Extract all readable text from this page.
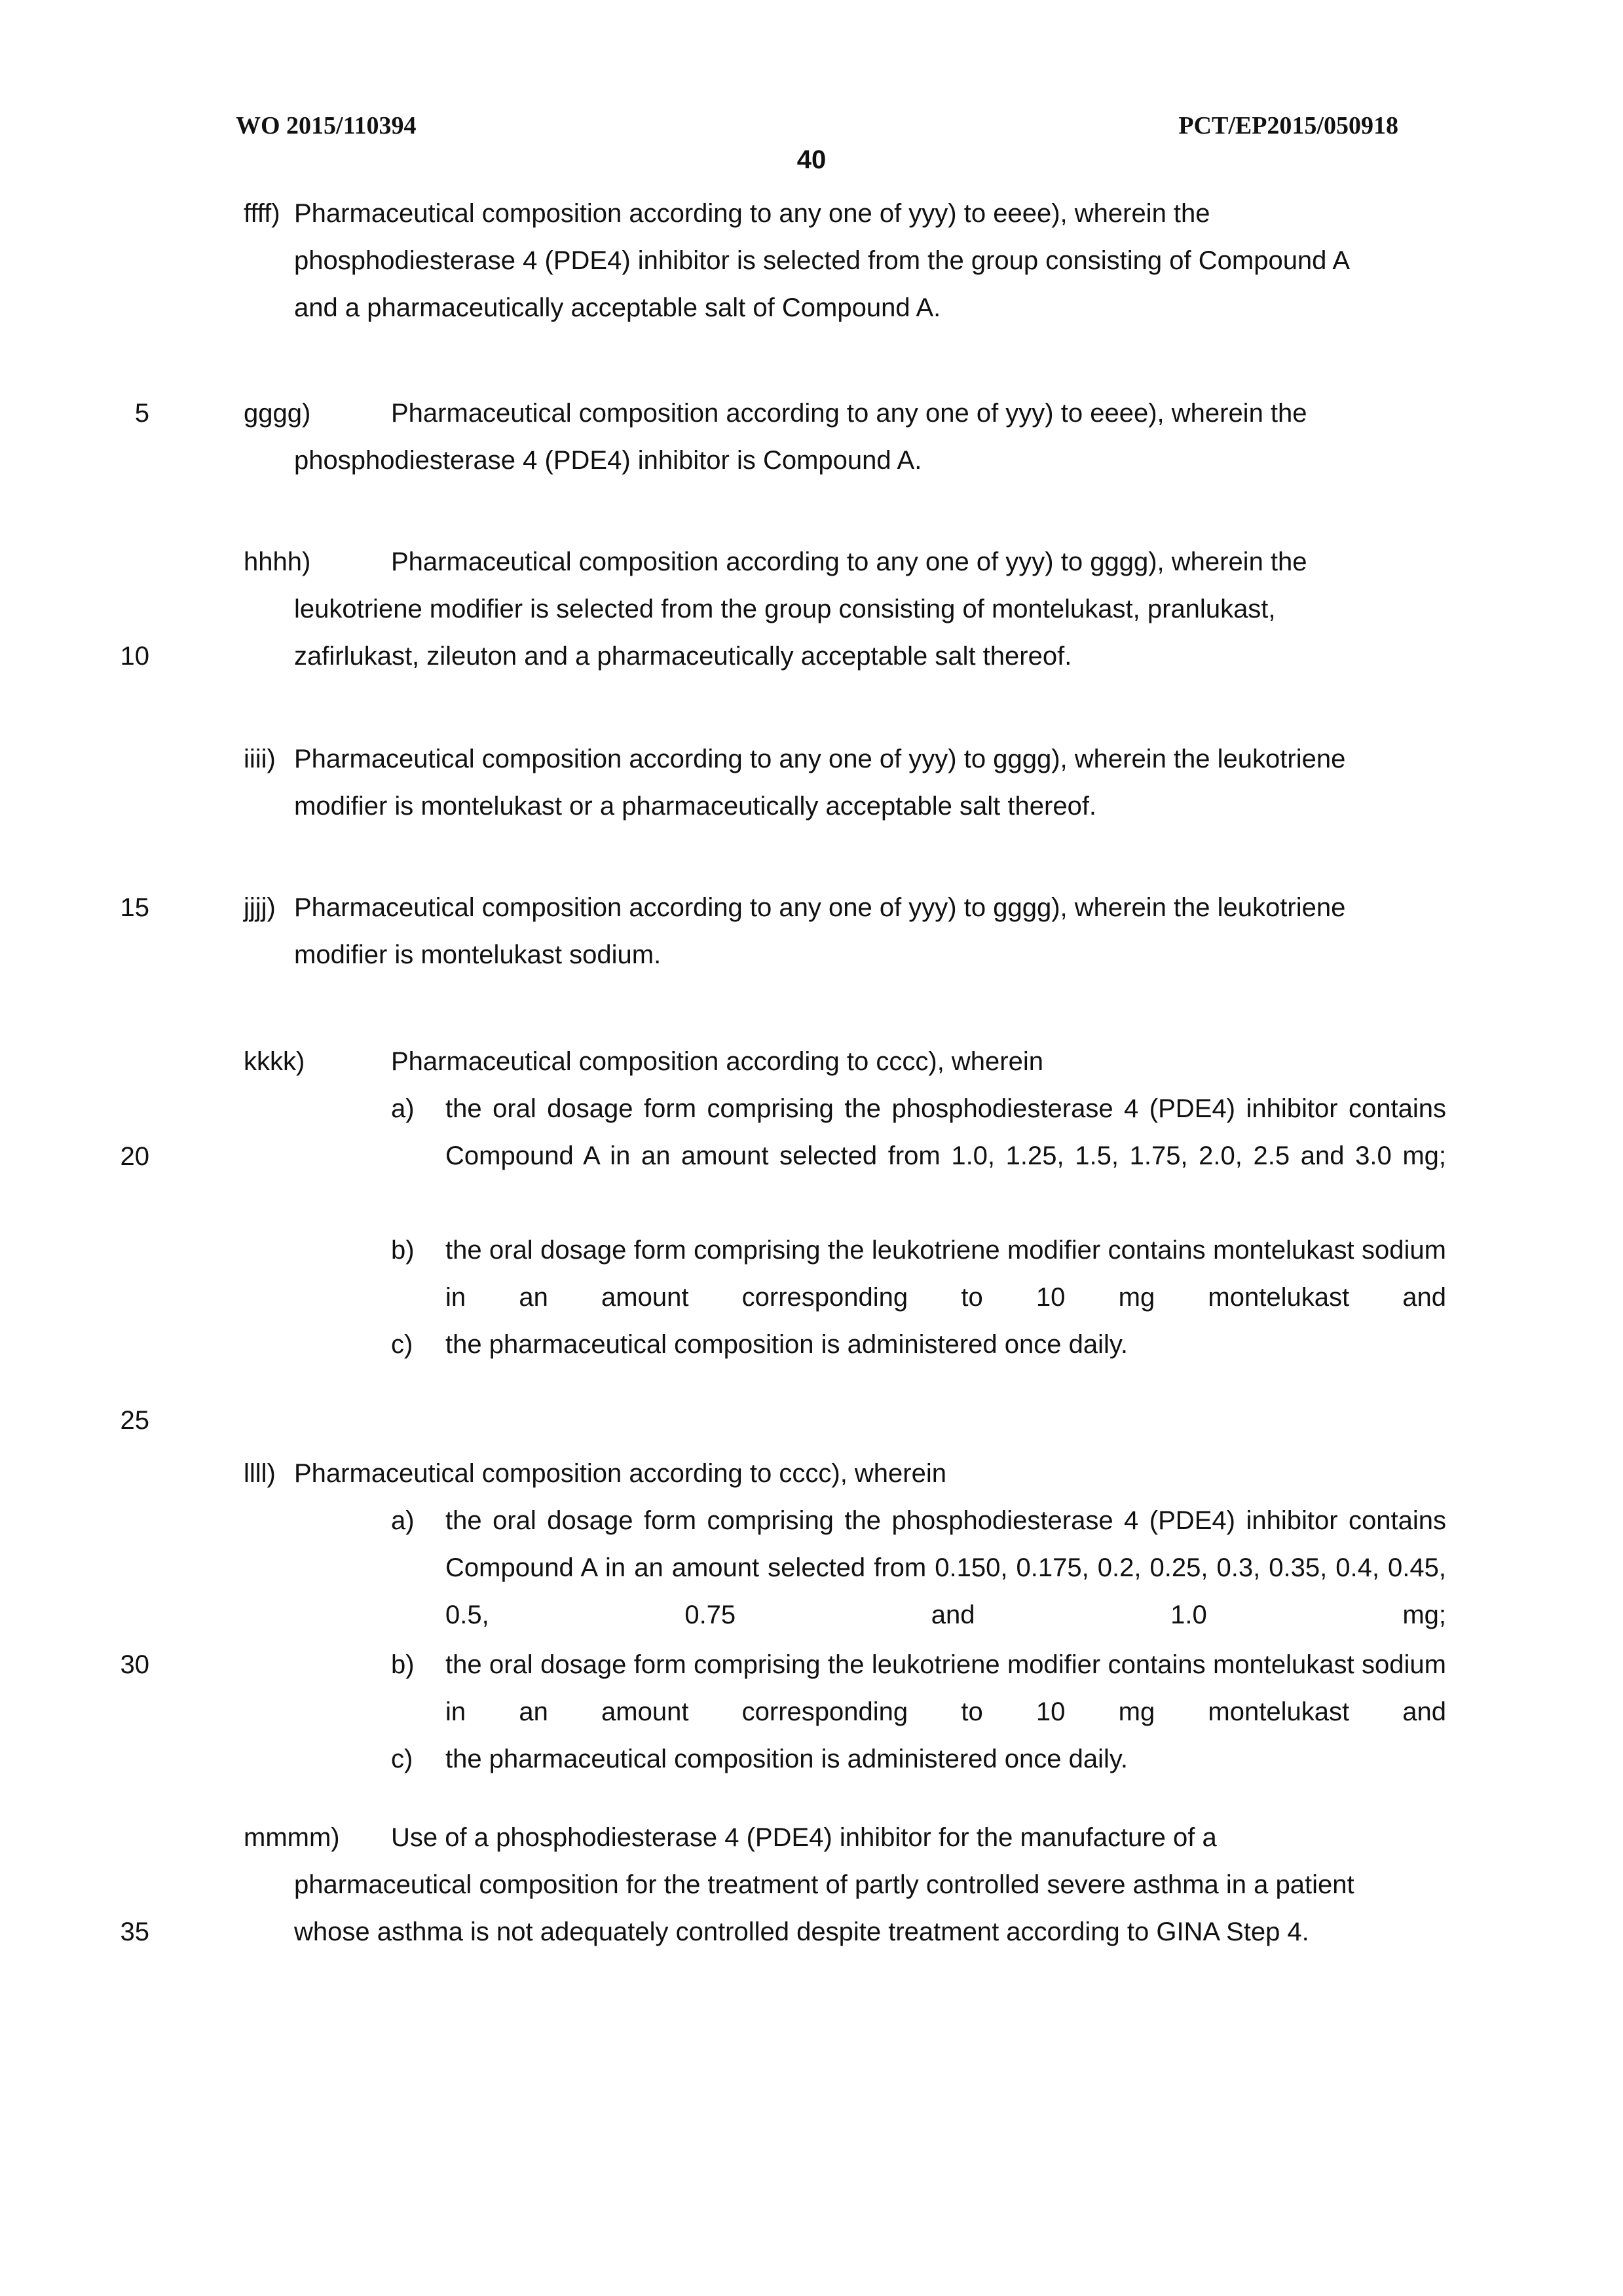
WO 2015/110394	PCT/EP2015/050918
40
5
10
15
20
25
30
35
ffff) Pharmaceutical composition according to any one of yyy) to eeee), wherein the
phosphodiesterase 4 (PDE4) inhibitor is selected from the group consisting of Compound A
and a pharmaceutically acceptable salt of Compound A.
gggg)	Pharmaceutical composition according to any one of yyy) to eeee), wherein the
phosphodiesterase 4 (PDE4) inhibitor is Compound A.
hhhh)	Pharmaceutical composition according to any one of yyy) to gggg), wherein the
leukotriene modifier is selected from the group consisting of montelukast, pranlukast,
zafirlukast, zileuton and a pharmaceutically acceptable salt thereof.
iiii) Pharmaceutical composition according to any one of yyy) to gggg), wherein the leukotriene
modifier is montelukast or a pharmaceutically acceptable salt thereof.
jjjj) Pharmaceutical composition according to any one of yyy) to gggg), wherein the leukotriene
modifier is montelukast sodium.
kkkk)	Pharmaceutical composition according to cccc), wherein
a) the oral dosage form comprising the phosphodiesterase 4 (PDE4) inhibitor contains Compound A in an amount selected from 1.0, 1.25, 1.5, 1.75, 2.0, 2.5 and 3.0 mg;
b) the oral dosage form comprising the leukotriene modifier contains montelukast sodium in an amount corresponding to 10 mg montelukast and
c) the pharmaceutical composition is administered once daily.
llll) Pharmaceutical composition according to cccc), wherein
a) the oral dosage form comprising the phosphodiesterase 4 (PDE4) inhibitor contains Compound A in an amount selected from 0.150, 0.175, 0.2, 0.25, 0.3, 0.35, 0.4, 0.45, 0.5, 0.75 and 1.0 mg;
b) the oral dosage form comprising the leukotriene modifier contains montelukast sodium in an amount corresponding to 10 mg montelukast and
c) the pharmaceutical composition is administered once daily.
mmmm) Use of a phosphodiesterase 4 (PDE4) inhibitor for the manufacture of a
pharmaceutical composition for the treatment of partly controlled severe asthma in a patient
whose asthma is not adequately controlled despite treatment according to GINA Step 4.
